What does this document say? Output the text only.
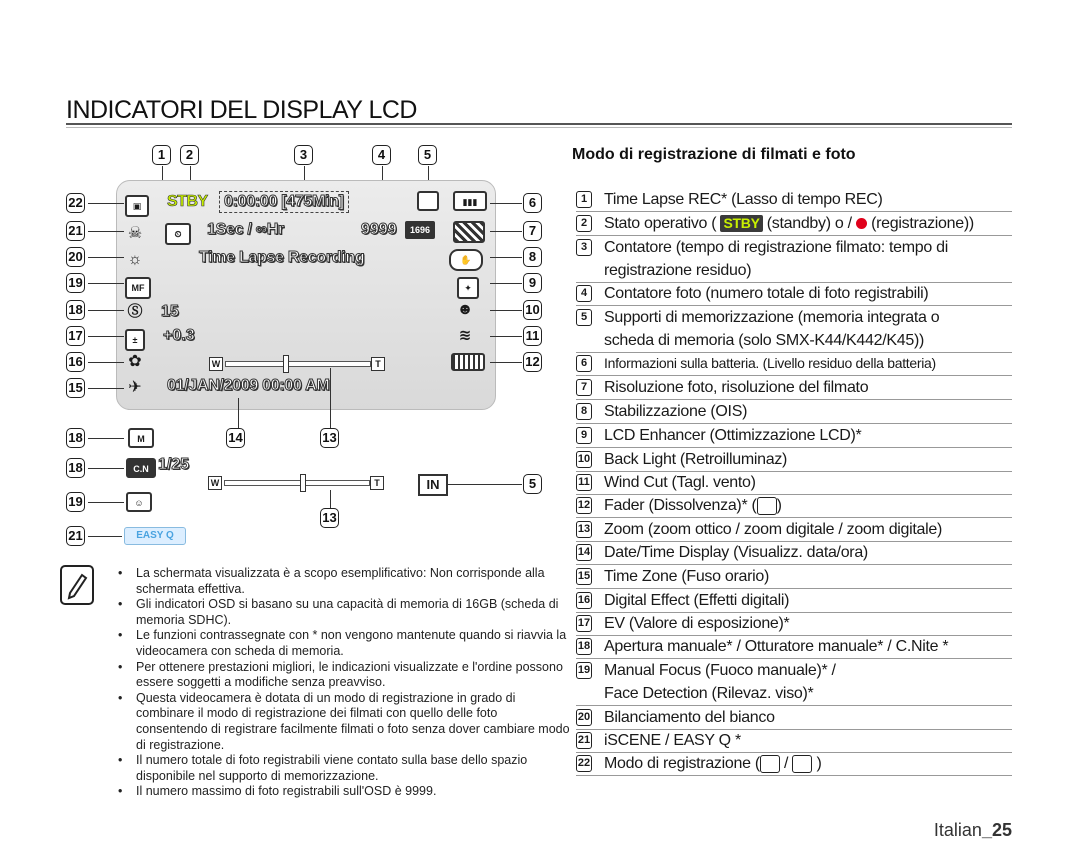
INDICATORI DEL DISPLAY LCD
1	2	3	4	5
▣	STBY	0:00:00 [475Min]	▮▮▮
☠	⏲	1Sec / ∞Hr	9999	1696
☼	Time Lapse Recording	✋
MF	✦
Ⓢ 15	☻
±	+0.3	≋
✿	W	T
✈ 01/JAN/2009 00:00 AM
22
21
20
19
18
17
16
15
6
7
8
9
10
11
12
14	13
18	M
18	C.N 1/25
W	T
13
IN	5
19	☺
21	EASY Q
• La schermata visualizzata è a scopo esemplificativo: Non corrisponde alla schermata effettiva.
• Gli indicatori OSD si basano su una capacità di memoria di 16GB (scheda di memoria SDHC).
• Le funzioni contrassegnate con * non vengono mantenute quando si riavvia la videocamera con scheda di memoria.
• Per ottenere prestazioni migliori, le indicazioni visualizzate e l'ordine possono essere soggetti a modifiche senza preavviso.
• Questa videocamera è dotata di un modo di registrazione in grado di combinare il modo di registrazione dei filmati con quello delle foto consentendo di registrare facilmente filmati o foto senza dover cambiare modo di registrazione.
• Il numero totale di foto registrabili viene contato sulla base dello spazio disponibile nel supporto di memorizzazione.
• Il numero massimo di foto registrabili sull'OSD è 9999.
Modo di registrazione di filmati e foto
1	Time Lapse REC* (Lasso di tempo REC)
2	Stato operativo ( STBY (standby) o / (registrazione))
3	Contatore (tempo di registrazione filmato: tempo di
registrazione residuo)
4	Contatore foto (numero totale di foto registrabili)
5	Supporti di memorizzazione (memoria integrata o
scheda di memoria (solo SMX-K44/K442/K45))
6	Informazioni sulla batteria. (Livello residuo della batteria)
7	Risoluzione foto, risoluzione del filmato
8	Stabilizzazione (OIS)
9	LCD Enhancer (Ottimizzazione LCD)*
10 Back Light (Retroilluminaz)
11 Wind Cut (Tagl. vento)
12 Fader (Dissolvenza)* ( )
13 Zoom (zoom ottico / zoom digitale / zoom digitale)
14 Date/Time Display (Visualizz. data/ora)
15 Time Zone (Fuso orario)
16 Digital Effect (Effetti digitali)
17 EV (Valore di esposizione)*
18 Apertura manuale* / Otturatore manuale* / C.Nite *
19 Manual Focus (Fuoco manuale)* /
Face Detection (Rilevaz. viso)*
20 Bilanciamento del bianco
21 iSCENE / EASY Q *
22 Modo di registrazione ( / )
Italian_25
